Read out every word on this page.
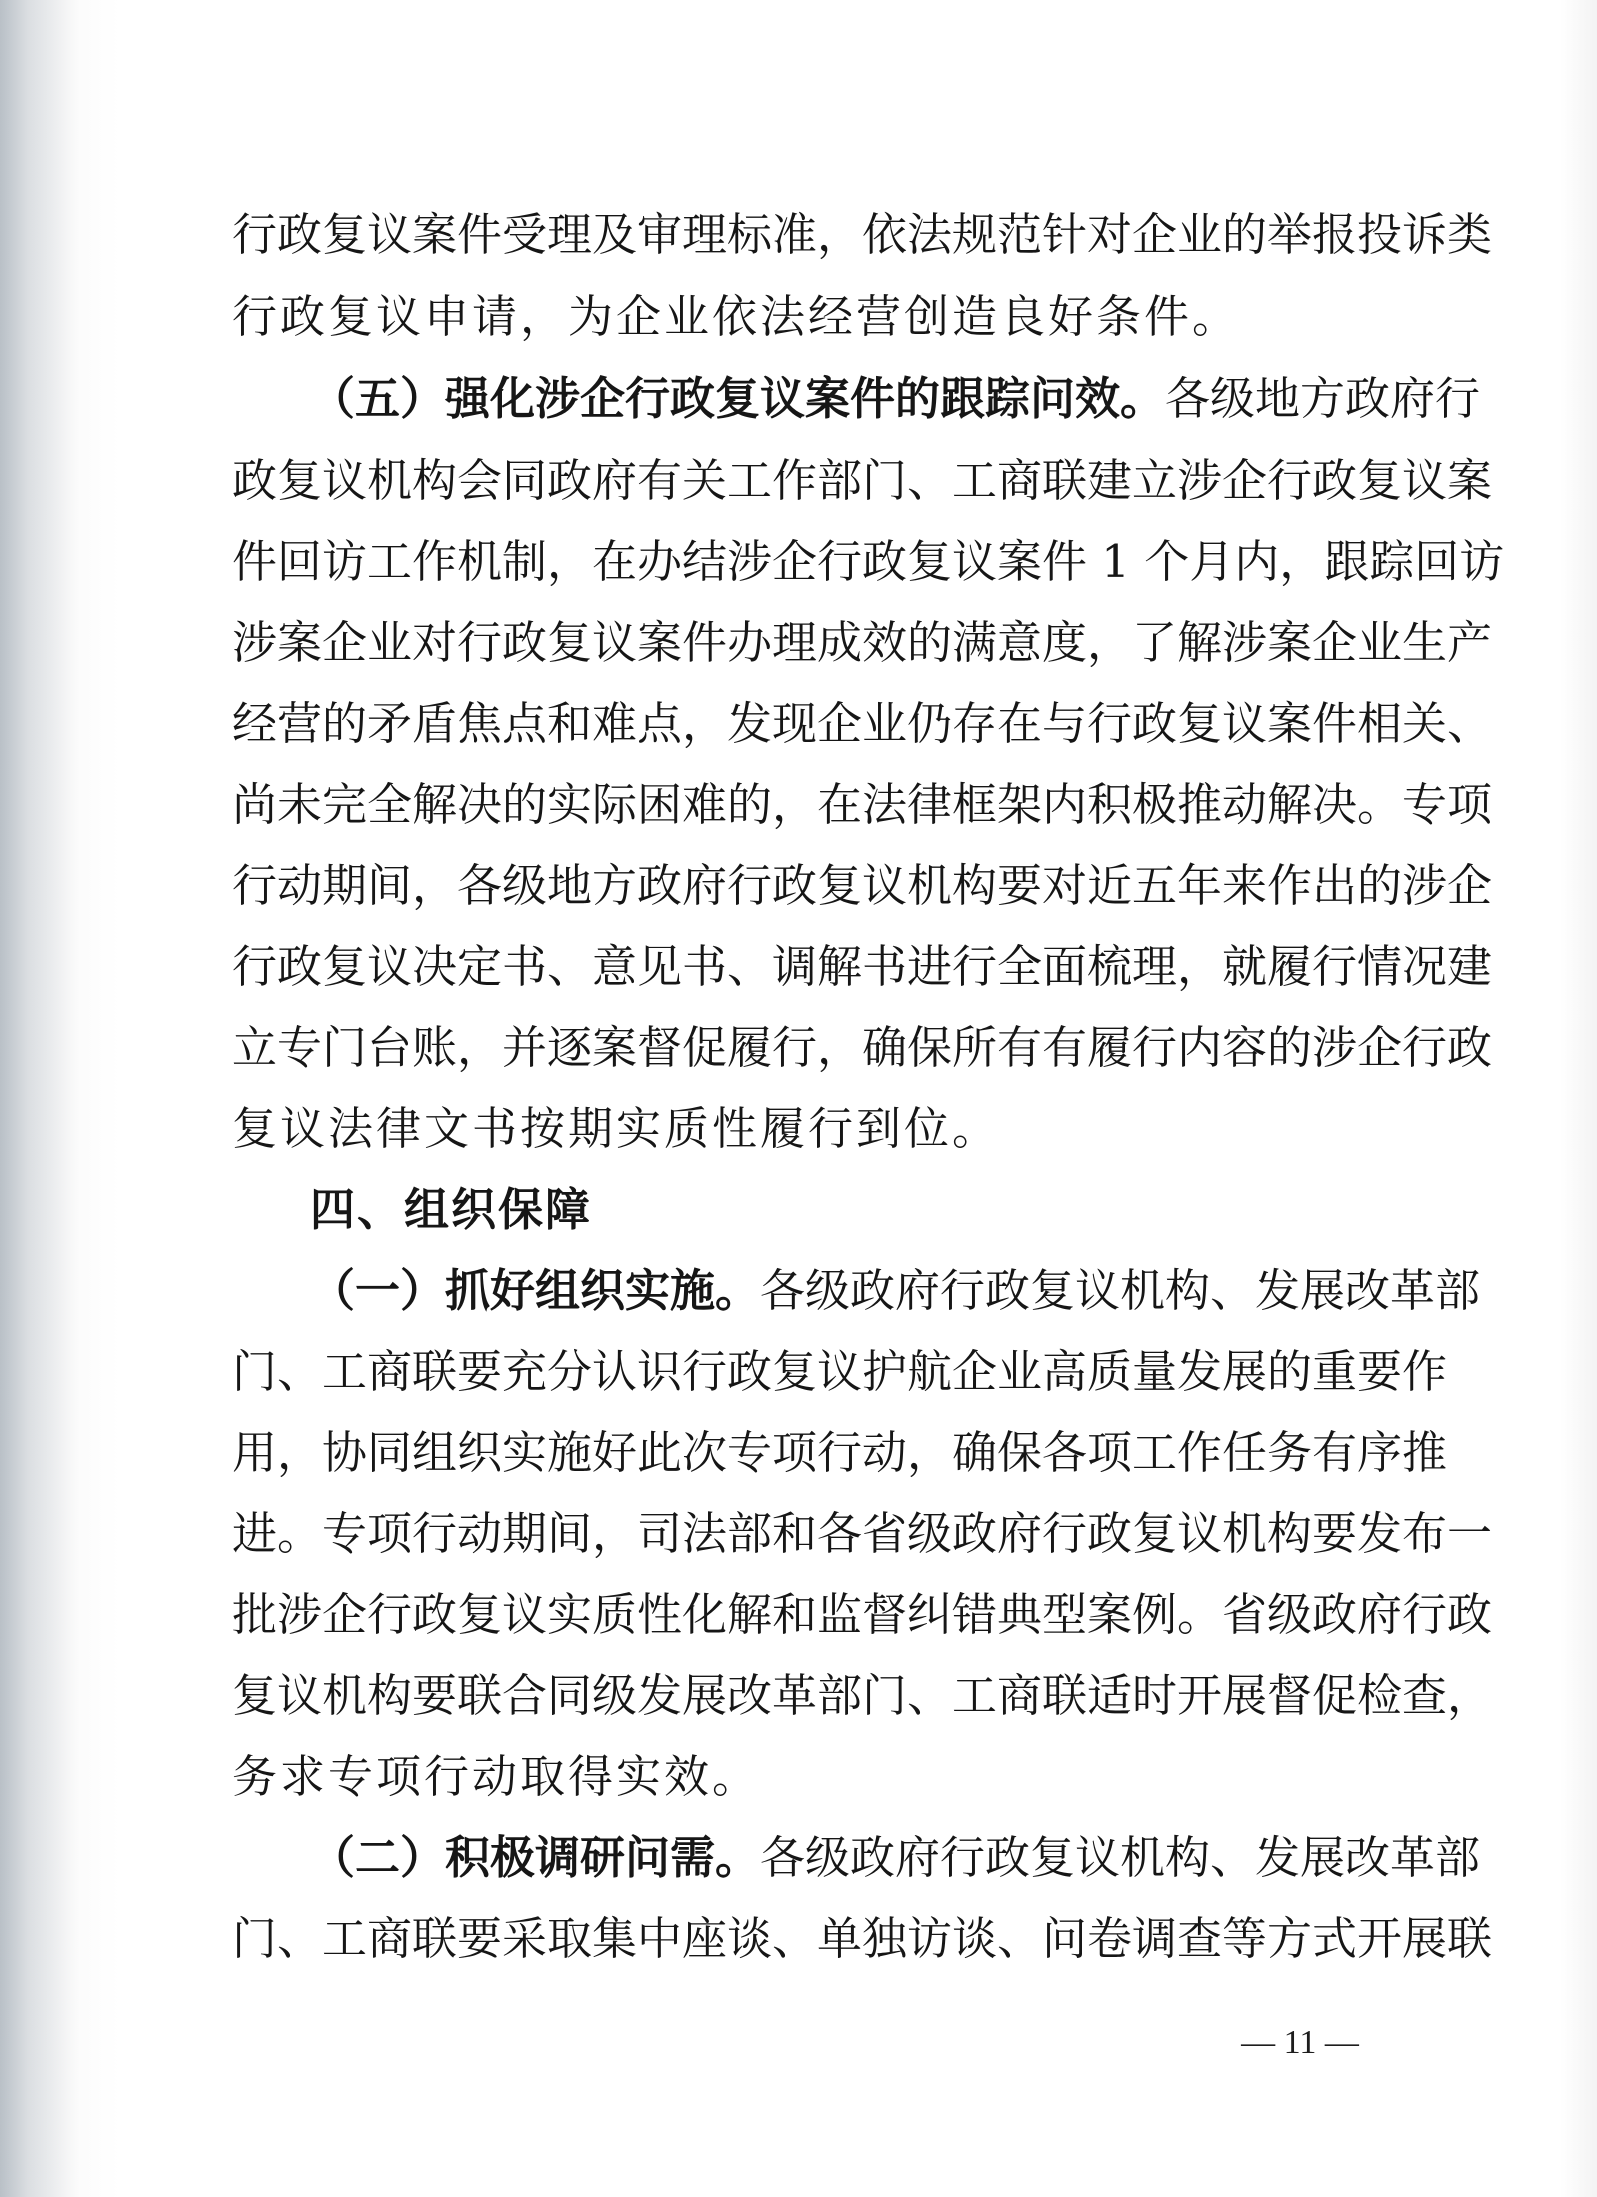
行政复议案件受理及审理标准，依法规范针对企业的举报投诉类
行政复议申请，为企业依法经营创造良好条件。
（五）强化涉企行政复议案件的跟踪问效。各级地方政府行
政复议机构会同政府有关工作部门、工商联建立涉企行政复议案
件回访工作机制，在办结涉企行政复议案件 1 个月内，跟踪回访
涉案企业对行政复议案件办理成效的满意度，了解涉案企业生产
经营的矛盾焦点和难点，发现企业仍存在与行政复议案件相关、
尚未完全解决的实际困难的，在法律框架内积极推动解决。专项
行动期间，各级地方政府行政复议机构要对近五年来作出的涉企
行政复议决定书、意见书、调解书进行全面梳理，就履行情况建
立专门台账，并逐案督促履行，确保所有有履行内容的涉企行政
复议法律文书按期实质性履行到位。
四、组织保障
（一）抓好组织实施。各级政府行政复议机构、发展改革部
门、工商联要充分认识行政复议护航企业高质量发展的重要作
用，协同组织实施好此次专项行动，确保各项工作任务有序推
进。专项行动期间，司法部和各省级政府行政复议机构要发布一
批涉企行政复议实质性化解和监督纠错典型案例。省级政府行政
复议机构要联合同级发展改革部门、工商联适时开展督促检查，
务求专项行动取得实效。
（二）积极调研问需。各级政府行政复议机构、发展改革部
门、工商联要采取集中座谈、单独访谈、问卷调查等方式开展联
— 11 —
